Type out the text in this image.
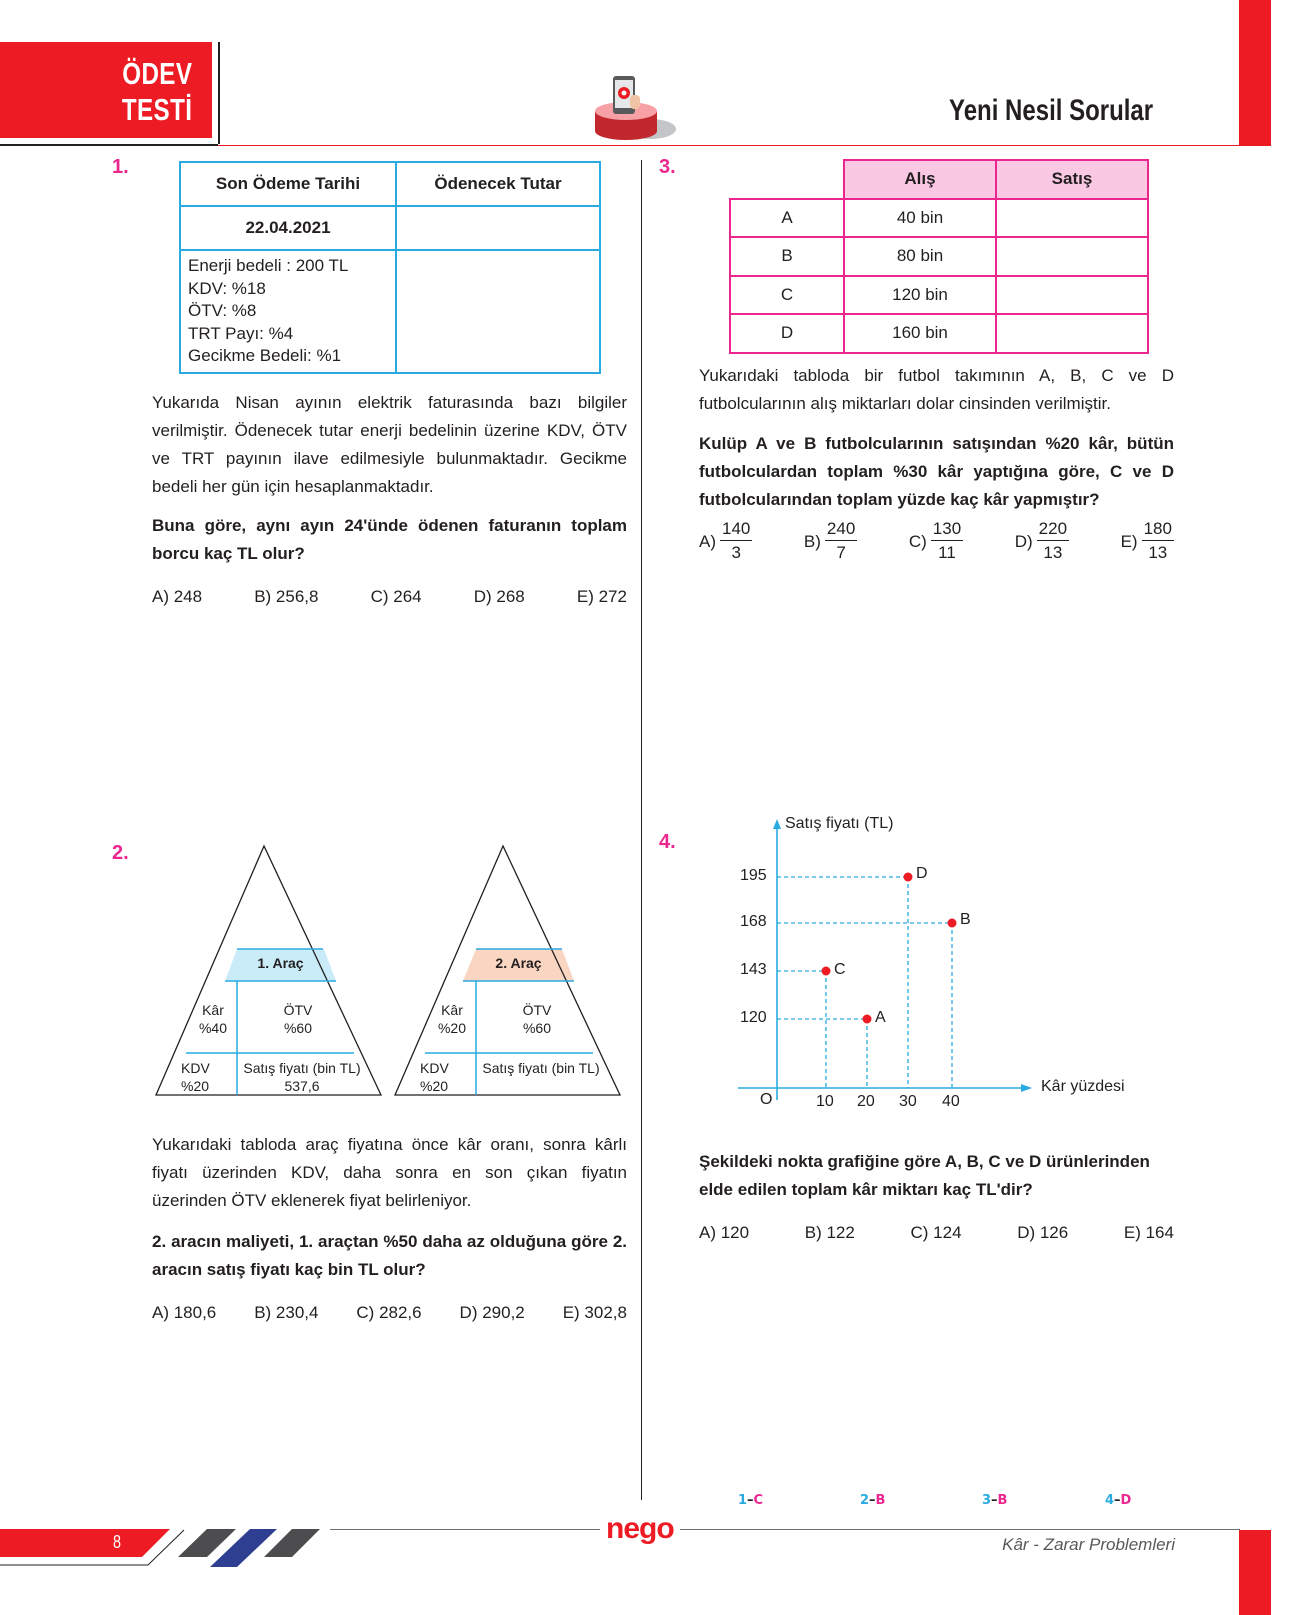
ÖDEV
TESTİ	Yeni Nesil Sorular
1.
Son Ödeme Tarihi	Ödenecek Tutar
22.04.2021	

Enerji bedeli : 200 TL
KDV: %18
ÖTV: %8
TRT Payı: %4
Gecikme Bedeli: %1	

Yukarıda Nisan ayının elektrik faturasında bazı bilgiler verilmiştir. Ödenecek tutar enerji bedelinin üzerine KDV, ÖTV ve TRT payının ilave edilmesiyle bulunmaktadır. Gecikme bedeli her gün için hesaplanmaktadır.
Buna göre, aynı ayın 24'ünde ödenen faturanın toplam borcu kaç TL olur?
A) 248	B) 256,8	C) 264	D) 268	E) 272
2.
1. Araç
Kâr
%40
ÖTV
%60
KDV
%20
Satış fiyatı (bin TL)
537,6
2. Araç
Kâr
%20
ÖTV
%60
KDV
%20
Satış fiyatı (bin TL)
Yukarıdaki tabloda araç fiyatına önce kâr oranı, sonra kârlı fiyatı üzerinden KDV, daha sonra en son çıkan fiyatın üzerinden ÖTV eklenerek fiyat belirleniyor.
2. aracın maliyeti, 1. araçtan %50 daha az olduğuna göre 2. aracın satış fiyatı kaç bin TL olur?
A) 180,6 B) 230,4 C) 282,6 D) 290,2 E) 302,8
3.
	Alış	Satış
A	40 bin	
B	80 bin	
C	120 bin	
D	160 bin	
Yukarıdaki tabloda bir futbol takımının A, B, C ve D futbolcularının alış miktarları dolar cinsinden verilmiştir.
Kulüp A ve B futbolcularının satışından %20 kâr, bütün futbolculardan toplam %30 kâr yaptığına göre, C ve D futbolcularından toplam yüzde kaç kâr yapmıştır?
$A) \frac{140}{3}$	$B) \frac{240}{7}$	$C) \frac{130}{11}$	$D) \frac{220}{13}$	$E) \frac{180}{13}$
4.
Satış fiyatı (TL)
Kâr yüzdesi
O
195
168
143
120
10 20 30 40
D
B
C
A
Şekildeki nokta grafiğine göre A, B, C ve D ürünlerinden elde edilen toplam kâr miktarı kaç TL'dir?
A) 120	B) 122	C) 124	D) 126	E) 164
1–C	2–B	3–B	4–D
8	nego	Kâr - Zarar Problemleri
